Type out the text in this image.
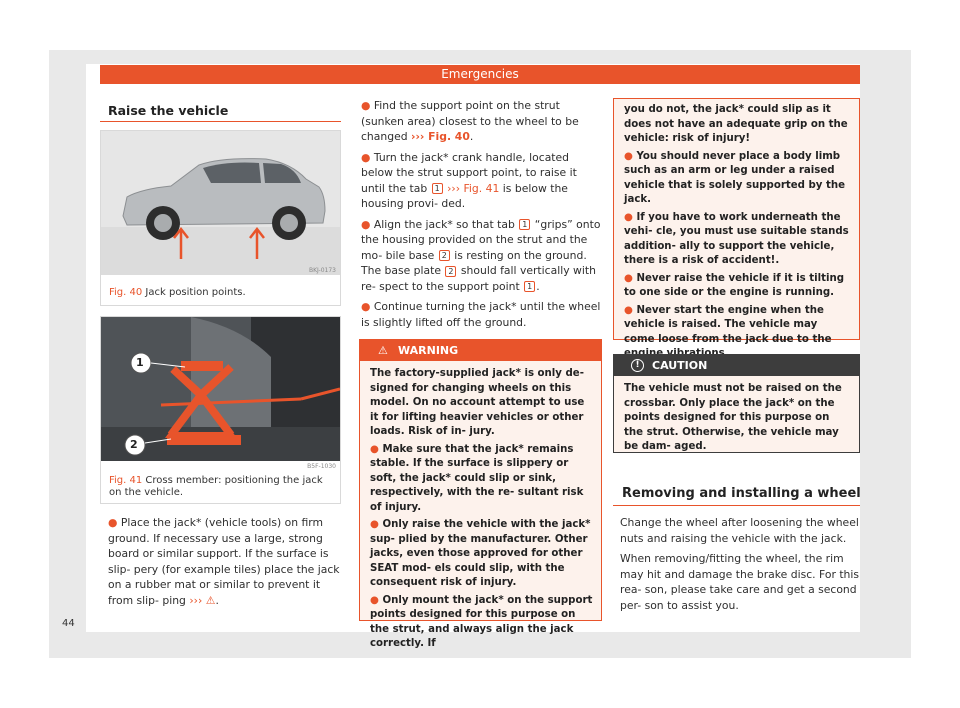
Emergencies
Raise the vehicle
BKJ-0173
Fig. 40 Jack position points.
1
2
B5F-1030
Fig. 41 Cross member: positioning the jack on the vehicle.
● Place the jack* (vehicle tools) on firm ground. If necessary use a large, strong board or similar support. If the surface is slip- pery (for example tiles) place the jack on a rubber mat or similar to prevent it from slip- ping ››› ⚠.
● Find the support point on the strut (sunken area) closest to the wheel to be changed ››› Fig. 40.
● Turn the jack* crank handle, located below the strut support point, to raise it until the tab 1 ››› Fig. 41 is below the housing provi- ded.
● Align the jack* so that tab 1 “grips” onto the housing provided on the strut and the mo- bile base 2 is resting on the ground. The base plate 2 should fall vertically with re- spect to the support point 1 .
● Continue turning the jack* until the wheel is slightly lifted off the ground.
⚠ WARNING
The factory-supplied jack* is only de- signed for changing wheels on this model. On no account attempt to use it for lifting heavier vehicles or other loads. Risk of in- jury.
● Make sure that the jack* remains stable. If the surface is slippery or soft, the jack* could slip or sink, respectively, with the re- sultant risk of injury.
● Only raise the vehicle with the jack* sup- plied by the manufacturer. Other jacks, even those approved for other SEAT mod- els could slip, with the consequent risk of injury.
● Only mount the jack* on the support points designed for this purpose on the strut, and always align the jack correctly. If
you do not, the jack* could slip as it does not have an adequate grip on the vehicle: risk of injury!
● You should never place a body limb such as an arm or leg under a raised vehicle that is solely supported by the jack.
● If you have to work underneath the vehi- cle, you must use suitable stands addition- ally to support the vehicle, there is a risk of accident!.
● Never raise the vehicle if it is tilting to one side or the engine is running.
● Never start the engine when the vehicle is raised. The vehicle may come loose from the jack due to the
!	CAUTION
The vehicle must not be raised on the crossbar. Only place the jack* on the points designed for this purpose on the strut. Otherwise, the vehicle may be dam- aged.
Removing and installing a wheel
Change the wheel after loosening the wheel nuts and raising the vehicle with the jack.
When removing/fitting the wheel, the rim may hit and damage the brake disc. For this rea- son, please take care and get a second per- son to assist you.
44
